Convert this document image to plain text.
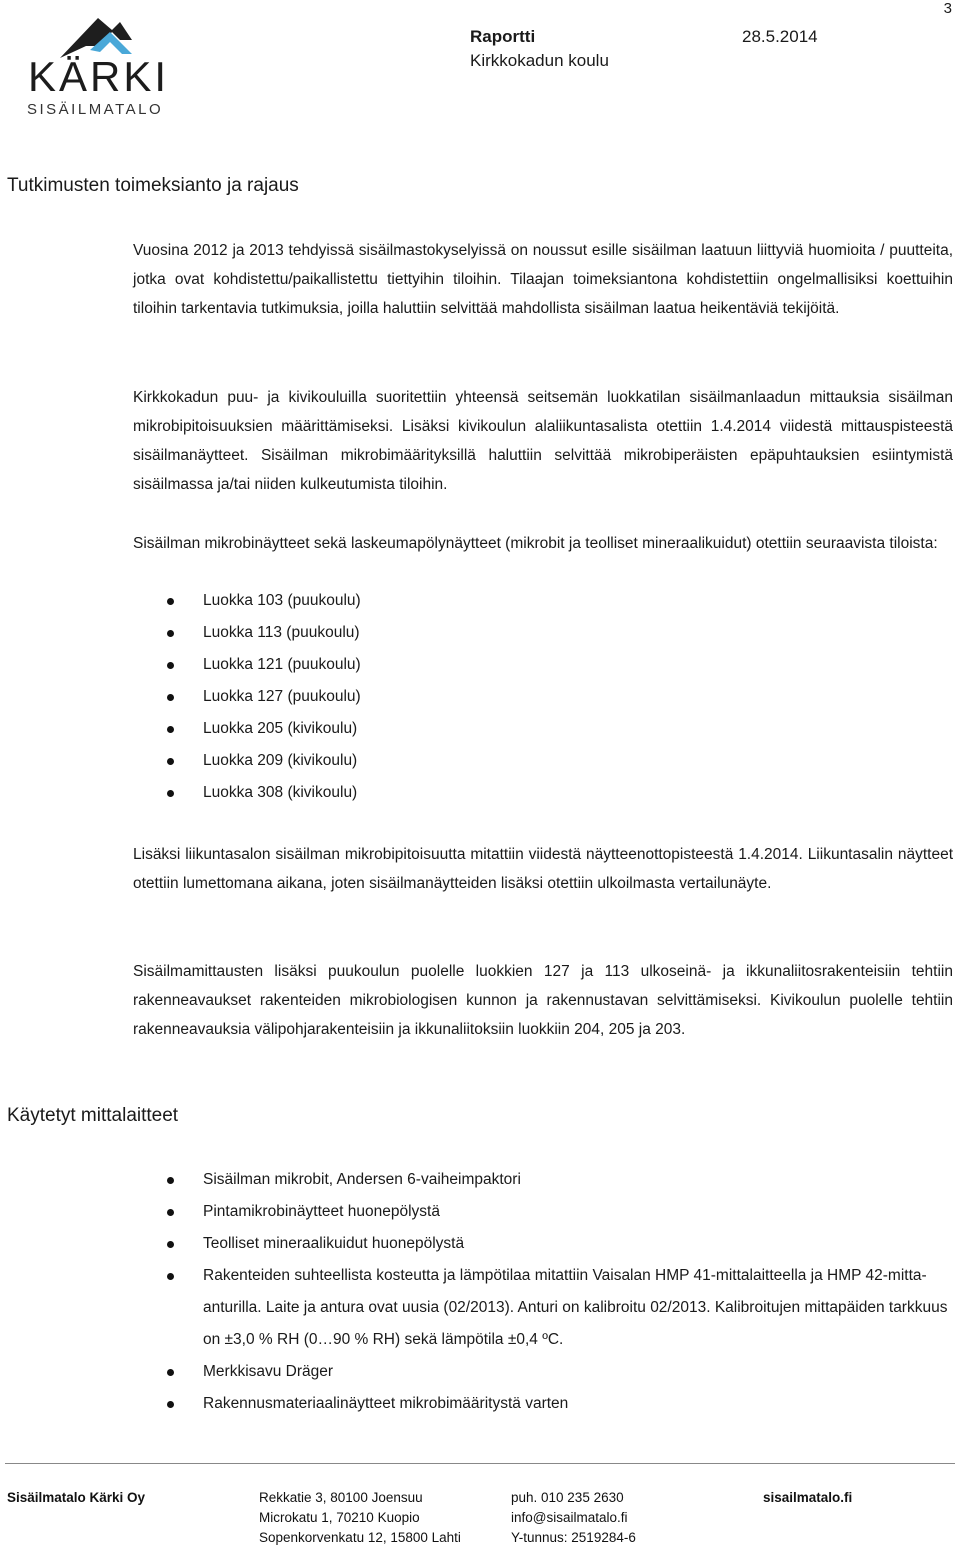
3
KÄRKI
SISÄILMATALO
Raportti	28.5.2014
Kirkkokadun koulu
Tutkimusten toimeksianto ja rajaus

Vuosina 2012 ja 2013 tehdyissä sisäilmastokyselyissä on noussut esille sisäilman laatuun liittyviä huomioita / puutteita, jotka ovat kohdistettu/paikallistettu tiettyihin tiloihin. Tilaajan toimeksiantona kohdistettiin ongelmallisiksi koettuihin tiloihin tarkentavia tutkimuksia, joilla haluttiin selvittää mahdollista sisäilman laatua heikentäviä tekijöitä.

Kirkkokadun puu- ja kivikouluilla suoritettiin yhteensä seitsemän luokkatilan sisäilmanlaadun mittauksia sisäilman mikrobipitoisuuksien määrittämiseksi. Lisäksi kivikoulun alaliikuntasalista otettiin 1.4.2014 viidestä mittauspisteestä sisäilmanäytteet. Sisäilman mikrobimäärityksillä haluttiin selvittää mikrobiperäisten epäpuhtauksien esiintymistä sisäilmassa ja/tai niiden kulkeutumista tiloihin.

Sisäilman mikrobinäytteet sekä laskeumapölynäytteet (mikrobit ja teolliset mineraalikuidut) otettiin seuraavista tiloista:

Luokka 103 (puukoulu)
Luokka 113 (puukoulu)
Luokka 121 (puukoulu)
Luokka 127 (puukoulu)
Luokka 205 (kivikoulu)
Luokka 209 (kivikoulu)
Luokka 308 (kivikoulu)

Lisäksi liikuntasalon sisäilman mikrobipitoisuutta mitattiin viidestä näytteenottopisteestä 1.4.2014. Liikuntasalin näytteet otettiin lumettomana aikana, joten sisäilmanäytteiden lisäksi otettiin ulkoilmasta vertailunäyte.

Sisäilmamittausten lisäksi puukoulun puolelle luokkien 127 ja 113 ulkoseinä- ja ikkunaliitosrakenteisiin tehtiin rakenneavaukset rakenteiden mikrobiologisen kunnon ja rakennustavan selvittämiseksi. Kivikoulun puolelle tehtiin rakenneavauksia välipohjarakenteisiin ja ikkunaliitoksiin luokkiin 204, 205 ja 203.

Käytetyt mittalaitteet
Sisäilman mikrobit, Andersen 6-vaiheimpaktori
Pintamikrobinäytteet huonepölystä
Teolliset mineraalikuidut huonepölystä
Rakenteiden suhteellista kosteutta ja lämpötilaa mitattiin Vaisalan HMP 41-mittalaitteella ja HMP 42-mitta-anturilla. Laite ja antura ovat uusia (02/2013). Anturi on kalibroitu 02/2013. Kalibroitujen mittapäiden tarkkuus on ±3,0 % RH (0…90 % RH) sekä lämpötila ±0,4 ºC.
Merkkisavu Dräger
Rakennusmateriaalinäytteet mikrobimääritystä varten
Sisäilmatalo Kärki Oy	Rekkatie 3, 80100 Joensuu
Microkatu 1, 70210 Kuopio
Sopenkorvenkatu 12, 15800 Lahti
puh. 010 235 2630
info@sisailmatalo.fi
Y-tunnus: 2519284-6
sisailmatalo.fi
